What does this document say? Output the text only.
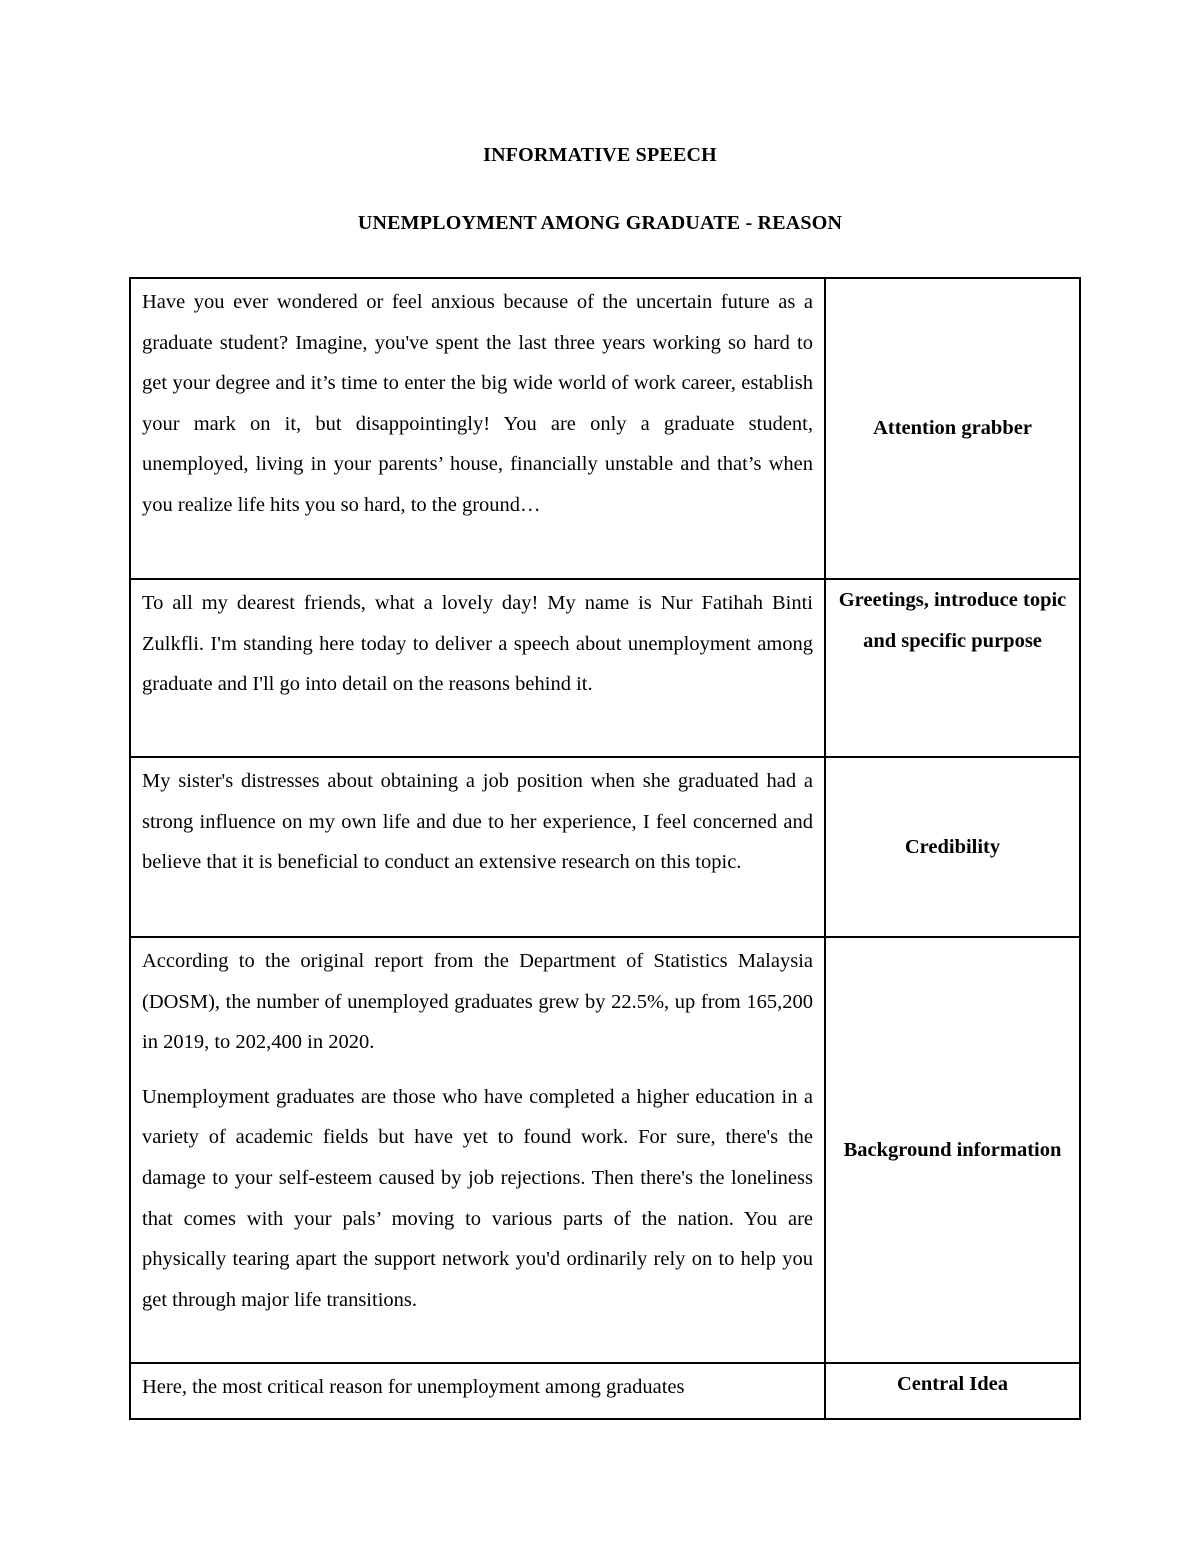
INFORMATIVE SPEECH
UNEMPLOYMENT AMONG GRADUATE - REASON
Have you ever wondered or feel anxious because of the uncertain future as a graduate student? Imagine, you've spent the last three years working so hard to get your degree and it’s time to enter the big wide world of work career, establish your mark on it, but disappointingly! You are only a graduate student, unemployed, living in your parents’ house, financially unstable and that’s when you realize life hits you so hard, to the ground…	Attention grabber

To all my dearest friends, what a lovely day! My name is Nur Fatihah Binti Zulkfli. I'm standing here today to deliver a speech about unemployment among graduate and I'll go into detail on the reasons behind it.	Greetings, introduce topic and specific purpose

My sister's distresses about obtaining a job position when she graduated had a strong influence on my own life and due to her experience, I feel concerned and believe that it is beneficial to conduct an extensive research on this topic.	Credibility

According to the original report from the Department of Statistics Malaysia (DOSM), the number of unemployed graduates grew by 22.5%, up from 165,200 in 2019, to 202,400 in 2020.
Unemployment graduates are those who have completed a higher education in a variety of academic fields but have yet to found work. For sure, there's the damage to your self-esteem caused by job rejections. Then there's the loneliness that comes with your pals’ moving to various parts of the nation. You are physically tearing apart the support network you'd ordinarily rely on to help you get through major life transitions.	Background information

Here, the most critical reason for unemployment among graduates	Central Idea
